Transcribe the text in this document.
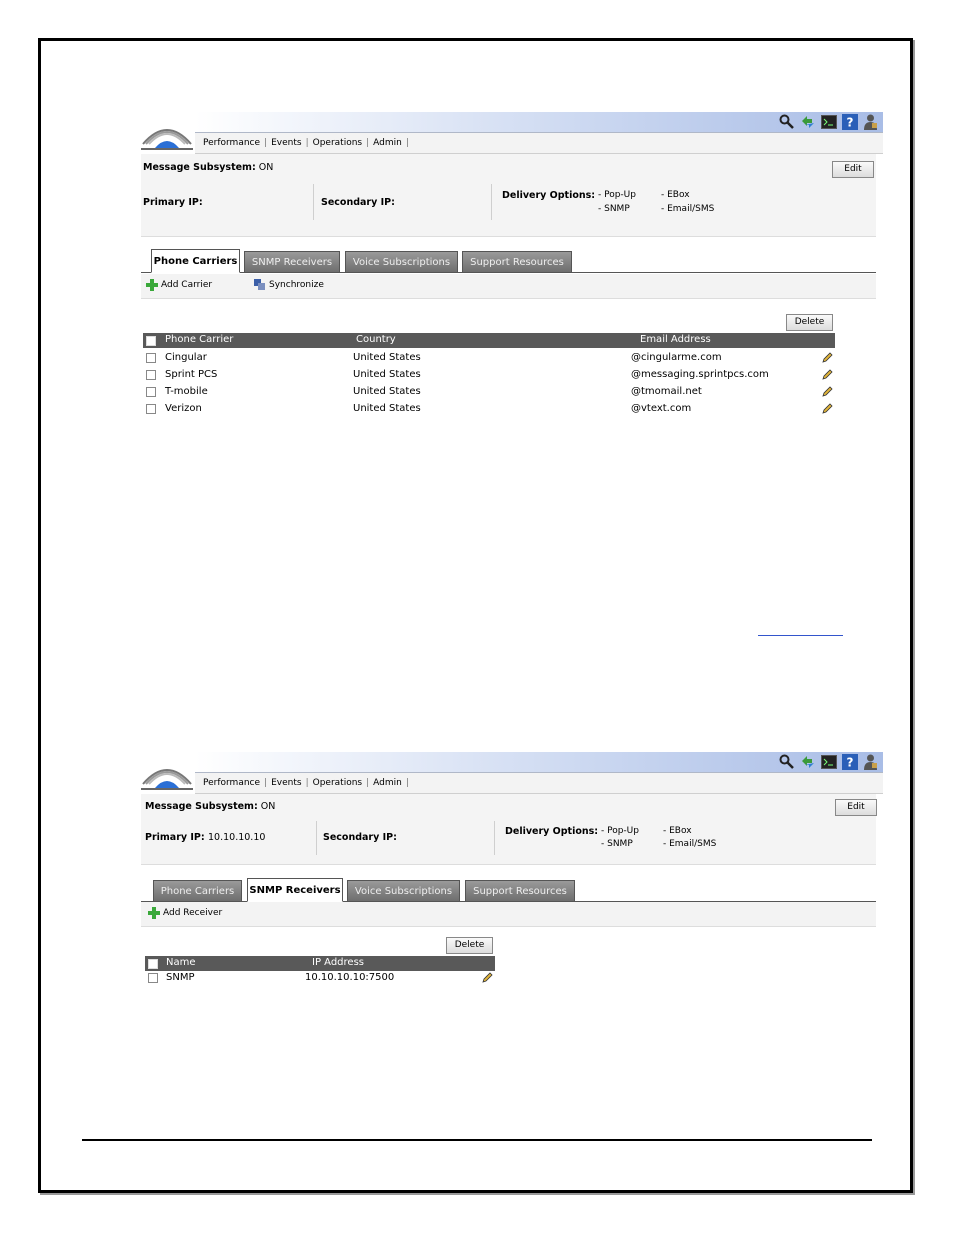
?
Performance | Events | Operations | Admin |
Message Subsystem: ON	Edit
Primary IP:	Secondary IP:
Delivery Options: - Pop-Up	- EBox
- SNMP	- Email/SMS
Phone Carriers	SNMP Receivers	Voice Subscriptions	Support Resources
Add Carrier	Synchronize
Delete
Phone Carrier	Country	Email Address
Cingular	United States	@cingularme.com
Sprint PCS	United States	@messaging.sprintpcs.com
T-mobile	United States	@tmomail.net
Verizon	United States	@vtext.com
?
Performance | Events | Operations | Admin |
Message Subsystem: ON	Edit
Primary IP: 10.10.10.10	Secondary IP:
Delivery Options: - Pop-Up	- EBox
- SNMP	- Email/SMS
Phone Carriers	SNMP Receivers	Voice Subscriptions	Support Resources
Add Receiver
Delete
Name	IP Address
SNMP	10.10.10.10:7500
